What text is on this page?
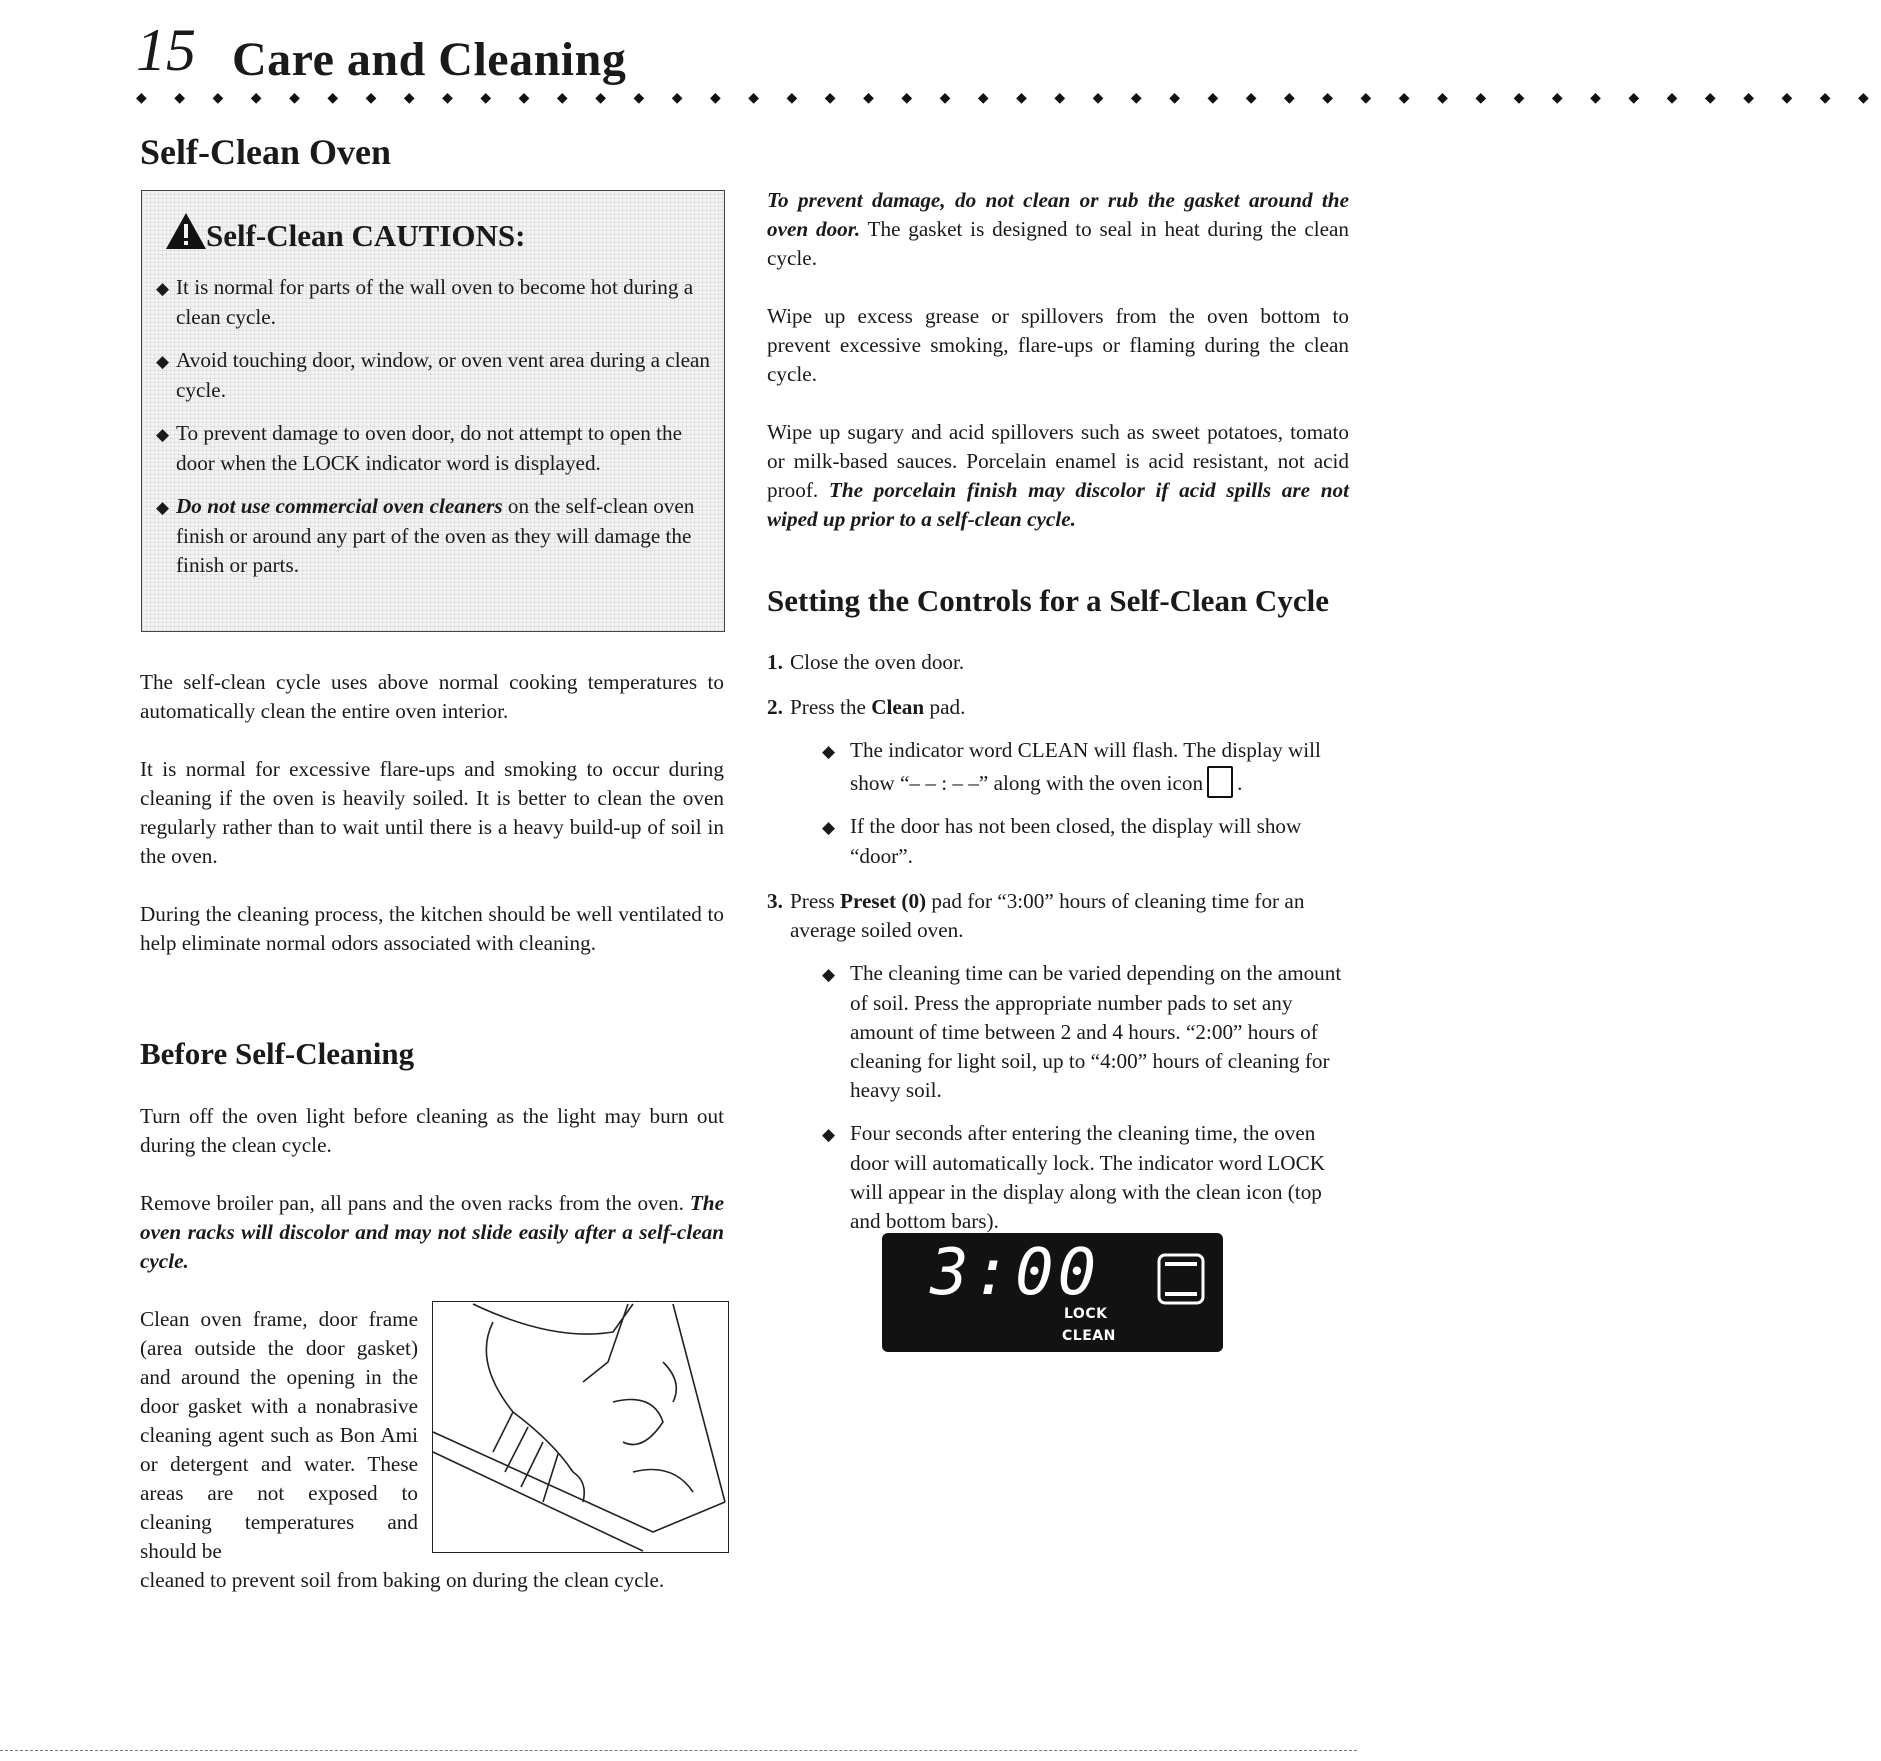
15 Care and Cleaning
◆ ◆ ◆ ◆ ◆ ◆ ◆ ◆ ◆ ◆ ◆ ◆ ◆ ◆ ◆ ◆ ◆ ◆ ◆ ◆ ◆ ◆ ◆ ◆ ◆ ◆ ◆ ◆ ◆ ◆ ◆ ◆ ◆ ◆ ◆ ◆ ◆ ◆ ◆ ◆ ◆ ◆ ◆ ◆ ◆ ◆
Self-Clean Oven
Self-Clean CAUTIONS:
◆ It is normal for parts of the wall oven to become hot during a clean cycle.
◆ Avoid touching door, window, or oven vent area during a clean cycle.
◆ To prevent damage to oven door, do not attempt to open the door when the LOCK indicator word is displayed.
◆ Do not use commercial oven cleaners on the self-clean oven finish or around any part of the oven as they will damage the finish or parts.

The self-clean cycle uses above normal cooking temperatures to automatically clean the entire oven interior.

It is normal for excessive flare-ups and smoking to occur during cleaning if the oven is heavily soiled. It is better to clean the oven regularly rather than to wait until there is a heavy build-up of soil in the oven.

During the cleaning process, the kitchen should be well ventilated to help eliminate normal odors associated with cleaning.

Before Self-Cleaning

Turn off the oven light before cleaning as the light may burn out during the clean cycle.

Remove broiler pan, all pans and the oven racks from the oven. The oven racks will discolor and may not slide easily after a self-clean cycle.

Clean oven frame, door frame (area outside the door gasket) and around the opening in the door gasket with a nonabrasive cleaning agent such as Bon Ami or detergent and water. These areas are not exposed to cleaning temperatures and should be

cleaned to prevent soil from baking on during the clean cycle.

To prevent damage, do not clean or rub the gasket around the oven door. The gasket is designed to seal in heat during the clean cycle.

Wipe up excess grease or spillovers from the oven bottom to prevent excessive smoking, flare-ups or flaming during the clean cycle.

Wipe up sugary and acid spillovers such as sweet potatoes, tomato or milk-based sauces. Porcelain enamel is acid resistant, not acid proof. The porcelain finish may discolor if acid spills are not wiped up prior to a self-clean cycle.

Setting the Controls for a Self-Clean Cycle
1. Close the oven door.
2. Press the Clean pad.
◆ The indicator word CLEAN will flash. The display will show “– – : – –” along with the oven icon .
◆ If the door has not been closed, the display will show “door”.
3. Press Preset (0) pad for “3:00” hours of cleaning time for an average soiled oven.
◆ The cleaning time can be varied depending on the amount of soil. Press the appropriate number pads to set any amount of time between 2 and 4 hours. “2:00” hours of cleaning for light soil, up to “4:00” hours of cleaning for heavy soil.
◆ Four seconds after entering the cleaning time, the oven door will automatically lock. The indicator word LOCK will appear in the display along with the clean icon (top and bottom bars).
3:00
LOCK
CLEAN
